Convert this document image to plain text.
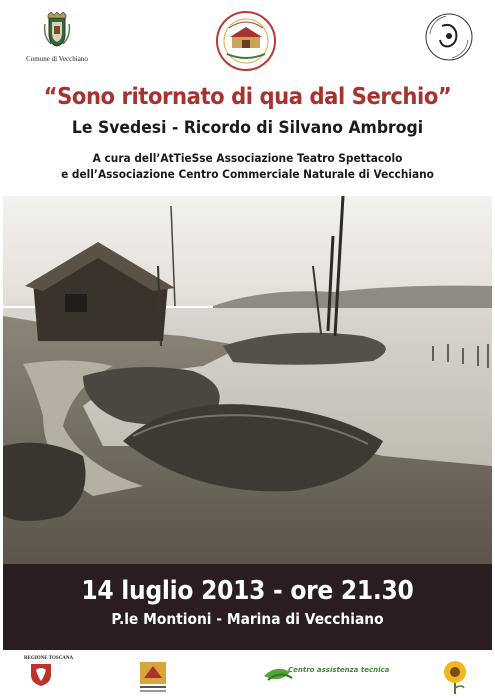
Comune di Vecchiano
“Sono ritornato di qua dal Serchio”
Le Svedesi - Ricordo di Silvano Ambrogi

A cura dell’AtTieSse Associazione Teatro Spettacolo

e dell’Associazione Centro Commerciale Naturale di Vecchiano

14 luglio 2013 - ore 21.30
P.le Montioni - Marina di Vecchiano
REGIONE TOSCANA
Centro assistenza tecnica
